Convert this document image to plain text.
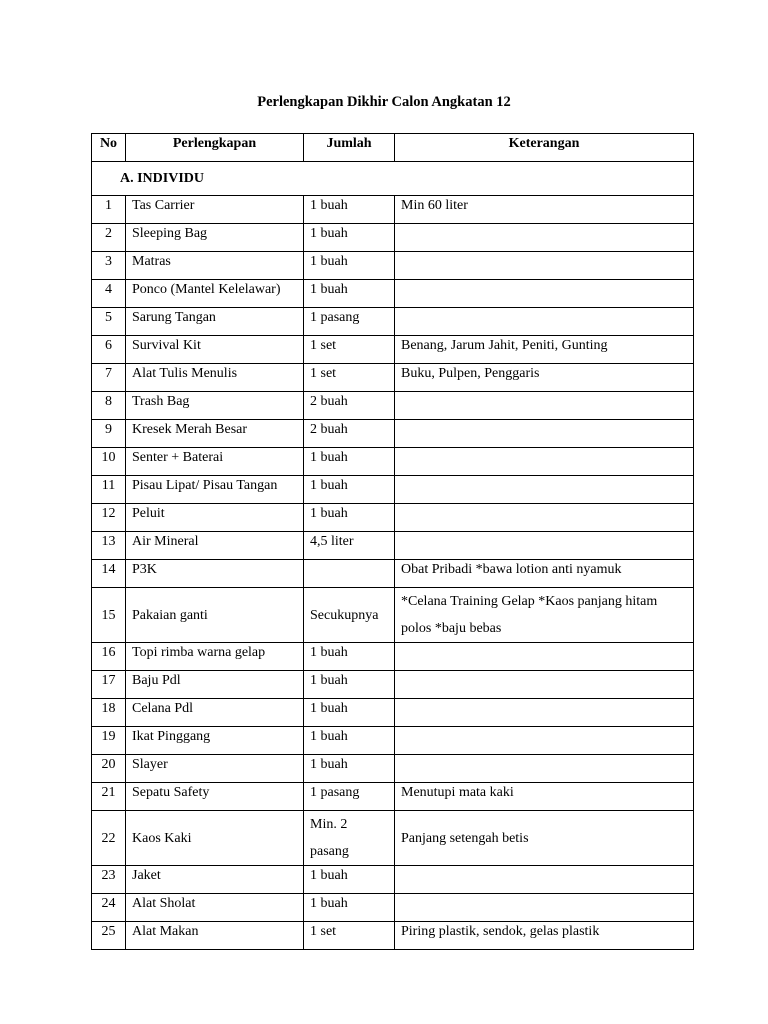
Perlengkapan Dikhir Calon Angkatan 12
No	Perlengkapan	Jumlah	Keterangan
A. INDIVIDU			
1	Tas Carrier	1 buah	Min 60 liter
2	Sleeping Bag	1 buah	
3	Matras	1 buah	
4	Ponco (Mantel Kelelawar)	1 buah	
5	Sarung Tangan	1 pasang	
6	Survival Kit	1 set	Benang, Jarum Jahit, Peniti, Gunting
7	Alat Tulis Menulis	1 set	Buku, Pulpen, Penggaris
8	Trash Bag	2 buah	
9	Kresek Merah Besar	2 buah	
10	Senter + Baterai	1 buah	
11	Pisau Lipat/ Pisau Tangan	1 buah	
12	Peluit	1 buah	
13	Air Mineral	4,5 liter	
14	P3K		Obat Pribadi *bawa lotion anti nyamuk
15	Pakaian ganti	Secukupnya	*Celana Training Gelap *Kaos panjang hitam polos *baju bebas
16	Topi rimba warna gelap	1 buah	
17	Baju Pdl	1 buah	
18	Celana Pdl	1 buah	
19	Ikat Pinggang	1 buah	
20	Slayer	1 buah	
21	Sepatu Safety	1 pasang	Menutupi mata kaki
22	Kaos Kaki	Min. 2 pasang	Panjang setengah betis
23	Jaket	1 buah	
24	Alat Sholat	1 buah	
25	Alat Makan	1 set	Piring plastik, sendok, gelas plastik
